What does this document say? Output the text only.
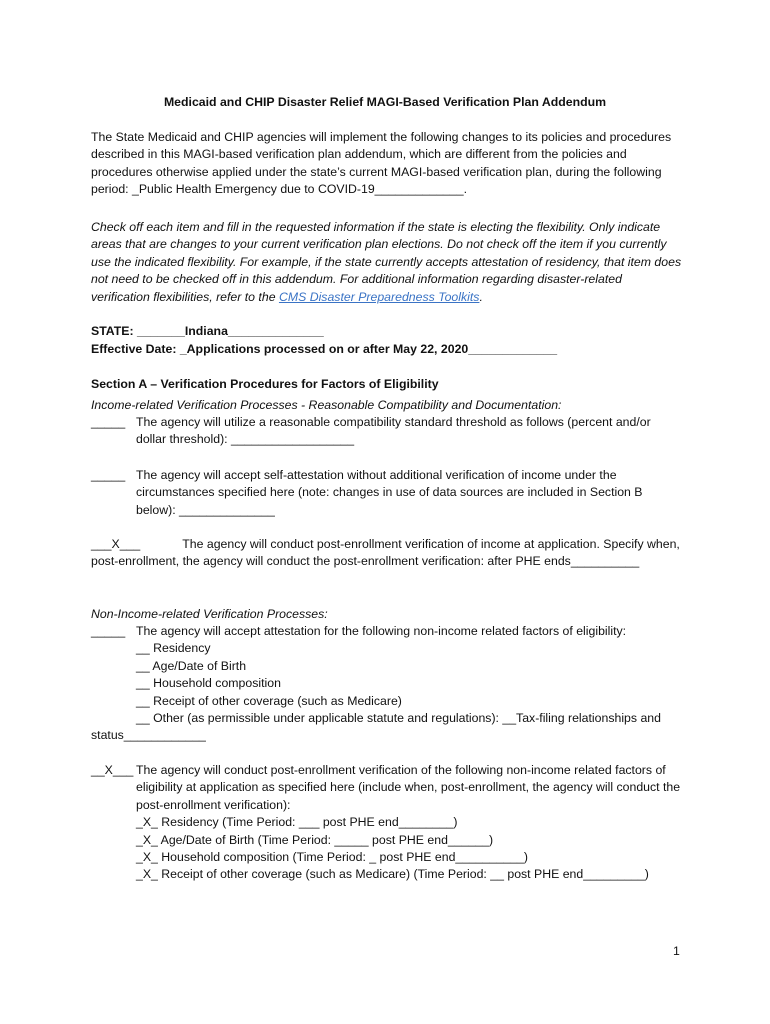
Medicaid and CHIP Disaster Relief MAGI-Based Verification Plan Addendum

The State Medicaid and CHIP agencies will implement the following changes to its policies and procedures described in this MAGI-based verification plan addendum, which are different from the policies and procedures otherwise applied under the state’s current MAGI-based verification plan, during the following period: _Public Health Emergency due to COVID-19_____________.

Check off each item and fill in the requested information if the state is electing the flexibility. Only indicate areas that are changes to your current verification plan elections. Do not check off the item if you currently use the indicated flexibility. For example, if the state currently accepts attestation of residency, that item does not need to be checked off in this addendum. For additional information regarding disaster-related verification flexibilities, refer to the CMS Disaster Preparedness Toolkits.

STATE: _______Indiana______________

Effective Date: _Applications processed on or after May 22, 2020_____________

Section A – Verification Procedures for Factors of Eligibility

Income-related Verification Processes - Reasonable Compatibility and Documentation:

_____ The agency will utilize a reasonable compatibility standard threshold as follows (percent and/or dollar threshold): __________________

_____ The agency will accept self-attestation without additional verification of income under the circumstances specified here (note: changes in use of data sources are included in Section B below): ______________

___X___	The agency will conduct post-enrollment verification of income at application. Specify when, post-enrollment, the agency will conduct the post-enrollment verification: after PHE ends__________

Non-Income-related Verification Processes:

_____ The agency will accept attestation for the following non-income related factors of eligibility:

__ Residency

__ Age/Date of Birth

__ Household composition

__ Receipt of other coverage (such as Medicare)

__ Other (as permissible under applicable statute and regulations): __Tax-filing relationships and status____________

__X___ The agency will conduct post-enrollment verification of the following non-income related factors of eligibility at application as specified here (include when, post-enrollment, the agency will conduct the post-enrollment verification):

_X_ Residency (Time Period: ___ post PHE end________)

_X_ Age/Date of Birth (Time Period: _____ post PHE end______)

_X_ Household composition (Time Period: _ post PHE end__________)

_X_ Receipt of other coverage (such as Medicare) (Time Period: __ post PHE end_________)

1
